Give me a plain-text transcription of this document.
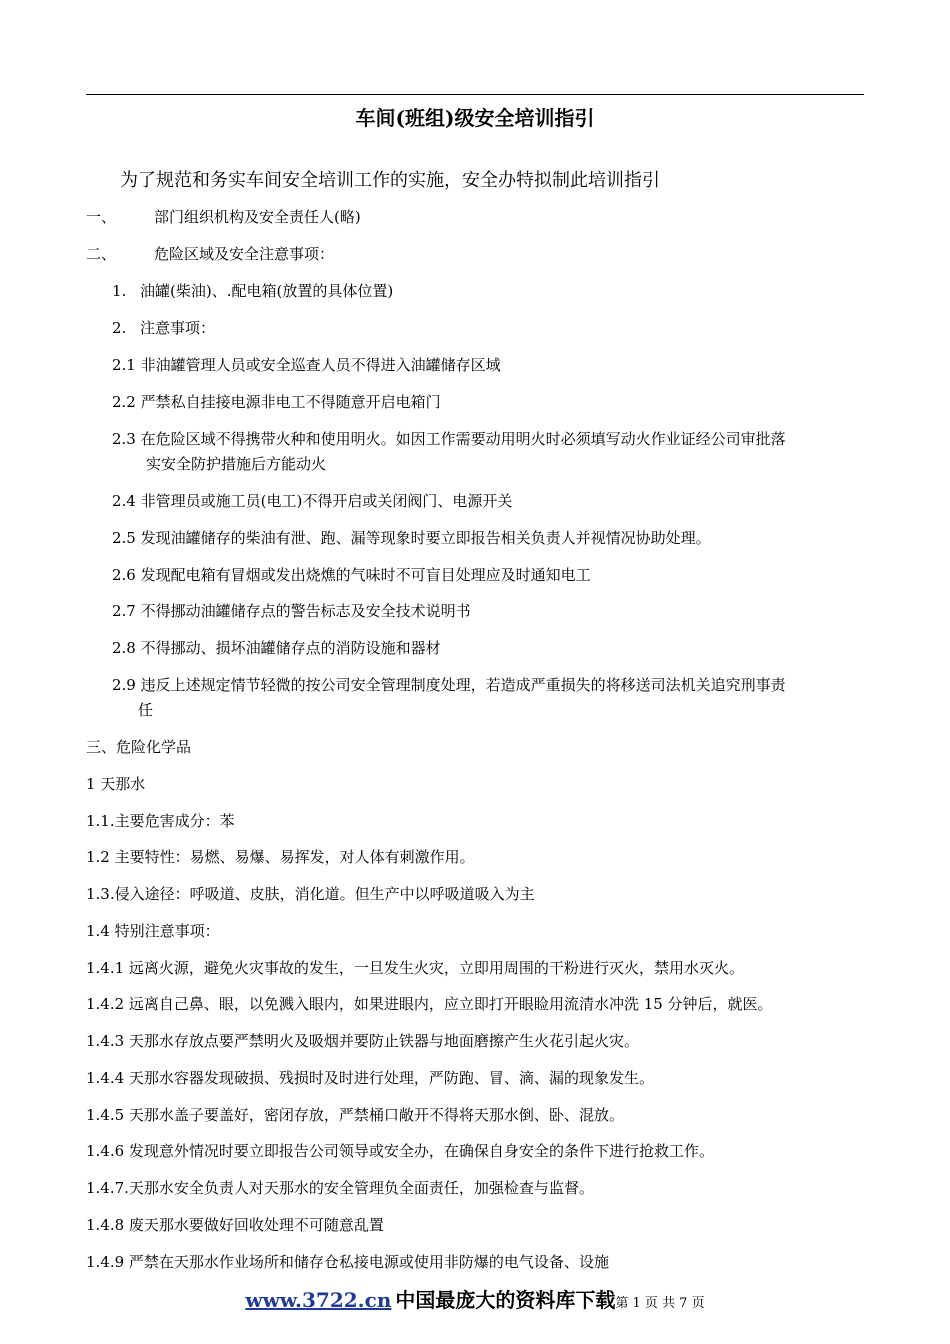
车间(班组)级安全培训指引
为了规范和务实车间安全培训工作的实施，安全办特拟制此培训指引
一、	部门组织机构及安全责任人(略)
二、	危险区域及安全注意事项：
1. 油罐(柴油)、.配电箱(放置的具体位置)
2. 注意事项：
2.1 非油罐管理人员或安全巡查人员不得进入油罐储存区域
2.2 严禁私自挂接电源非电工不得随意开启电箱门
2.3 在危险区域不得携带火种和使用明火。如因工作需要动用明火时必须填写动火作业证经公司审批落
实安全防护措施后方能动火
2.4 非管理员或施工员(电工)不得开启或关闭阀门、电源开关
2.5 发现油罐储存的柴油有泄、跑、漏等现象时要立即报告相关负责人并视情况协助处理。
2.6 发现配电箱有冒烟或发出烧燋的气味时不可盲目处理应及时通知电工
2.7 不得挪动油罐储存点的警告标志及安全技术说明书
2.8 不得挪动、损坏油罐储存点的消防设施和器材
2.9 违反上述规定情节轻微的按公司安全管理制度处理，若造成严重损失的将移送司法机关追究刑事责
任
三、危险化学品
1 天那水
1.1.主要危害成分：苯
1.2 主要特性：易燃、易爆、易挥发，对人体有刺激作用。
1.3.侵入途径：呼吸道、皮肤，消化道。但生产中以呼吸道吸入为主
1.4 特别注意事项：
1.4.1 远离火源，避免火灾事故的发生，一旦发生火灾，立即用周围的干粉进行灭火，禁用水灭火。
1.4.2 远离自己鼻、眼，以免溅入眼内，如果进眼内，应立即打开眼睑用流清水冲洗 15 分钟后，就医。
1.4.3 天那水存放点要严禁明火及吸烟并要防止铁器与地面磨擦产生火花引起火灾。
1.4.4 天那水容器发现破损、残损时及时进行处理，严防跑、冒、滴、漏的现象发生。
1.4.5 天那水盖子要盖好，密闭存放，严禁桶口敞开不得将天那水倒、卧、混放。
1.4.6 发现意外情况时要立即报告公司领导或安全办，在确保自身安全的条件下进行抢救工作。
1.4.7.天那水安全负责人对天那水的安全管理负全面责任，加强检查与监督。
1.4.8 废天那水要做好回收处理不可随意乱置
1.4.9 严禁在天那水作业场所和储存仓私接电源或使用非防爆的电气设备、设施
www.3722.cn 中国最庞大的资料库下载第 1 页 共 7 页
